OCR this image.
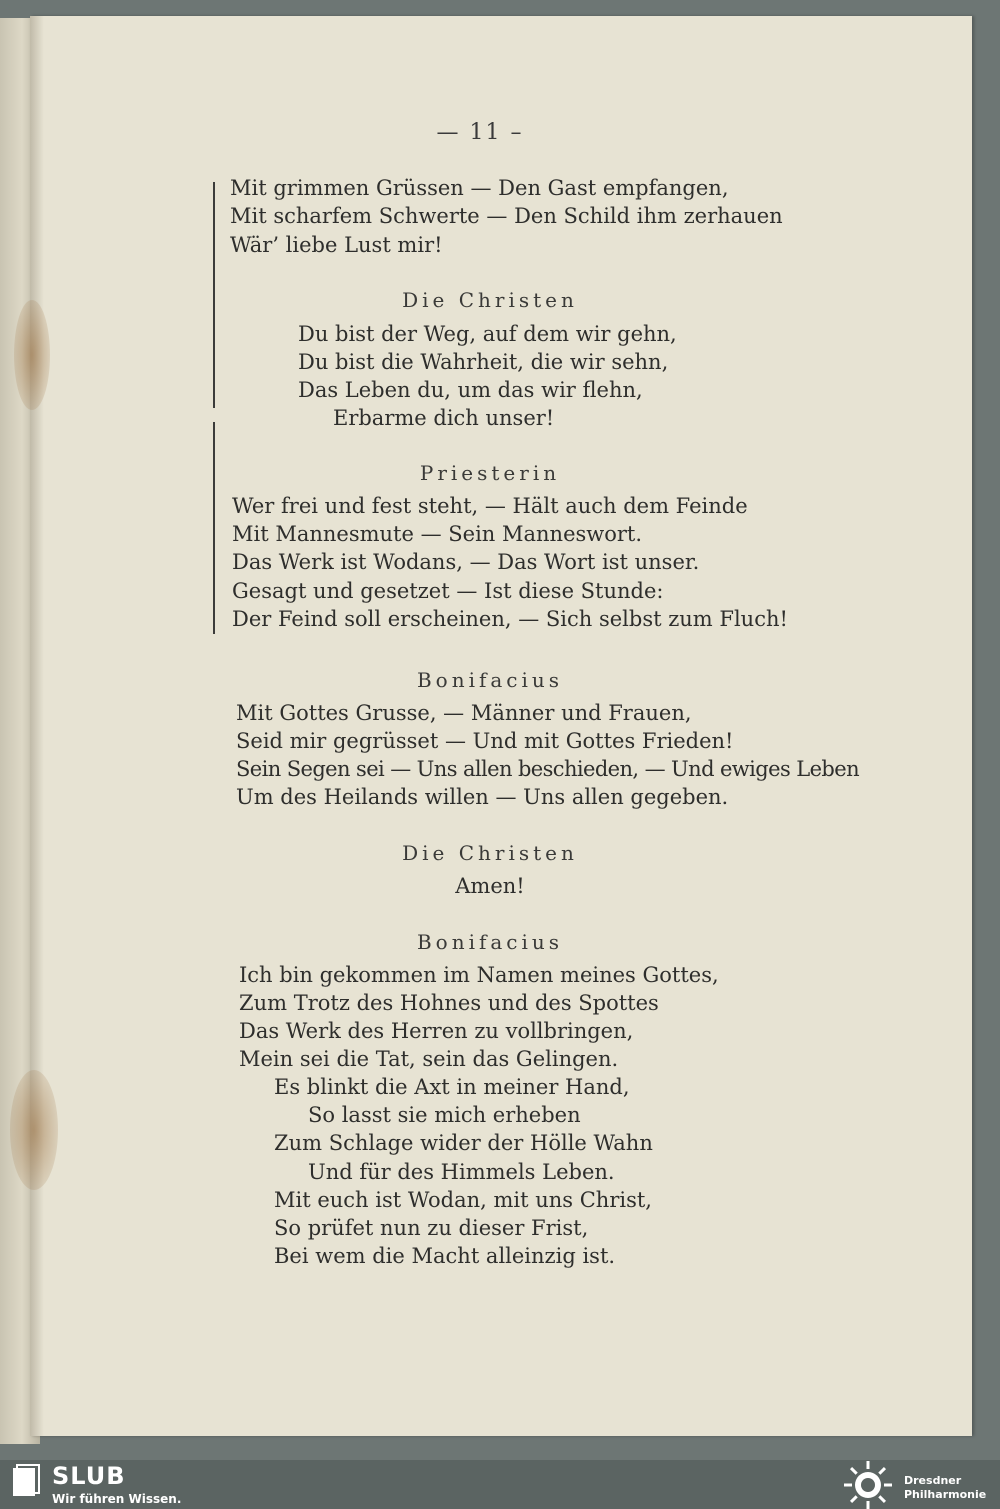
— 11 –
Mit grimmen Grüssen — Den Gast empfangen,
Mit scharfem Schwerte — Den Schild ihm zerhauen
Wär’ liebe Lust mir!
Die Christen
Du bist der Weg, auf dem wir gehn,
Du bist die Wahrheit, die wir sehn,
Das Leben du, um das wir flehn,
Erbarme dich unser!
Priesterin
Wer frei und fest steht, — Hält auch dem Feinde
Mit Mannesmute — Sein Manneswort.
Das Werk ist Wodans, — Das Wort ist unser.
Gesagt und gesetzet — Ist diese Stunde:
Der Feind soll erscheinen, — Sich selbst zum Fluch!
Bonifacius
Mit Gottes Grusse, — Männer und Frauen,
Seid mir gegrüsset — Und mit Gottes Frieden!
Sein Segen sei — Uns allen beschieden, — Und ewiges Leben
Um des Heilands willen — Uns allen gegeben.
Die Christen
Amen!
Bonifacius
Ich bin gekommen im Namen meines Gottes,
Zum Trotz des Hohnes und des Spottes
Das Werk des Herren zu vollbringen,
Mein sei die Tat, sein das Gelingen.
Es blinkt die Axt in meiner Hand,
So lasst sie mich erheben
Zum Schlage wider der Hölle Wahn
Und für des Himmels Leben.
Mit euch ist Wodan, mit uns Christ,
So prüfet nun zu dieser Frist,
Bei wem die Macht alleinzig ist.
SLUB
Wir führen Wissen.
Dresdner
Philharmonie
